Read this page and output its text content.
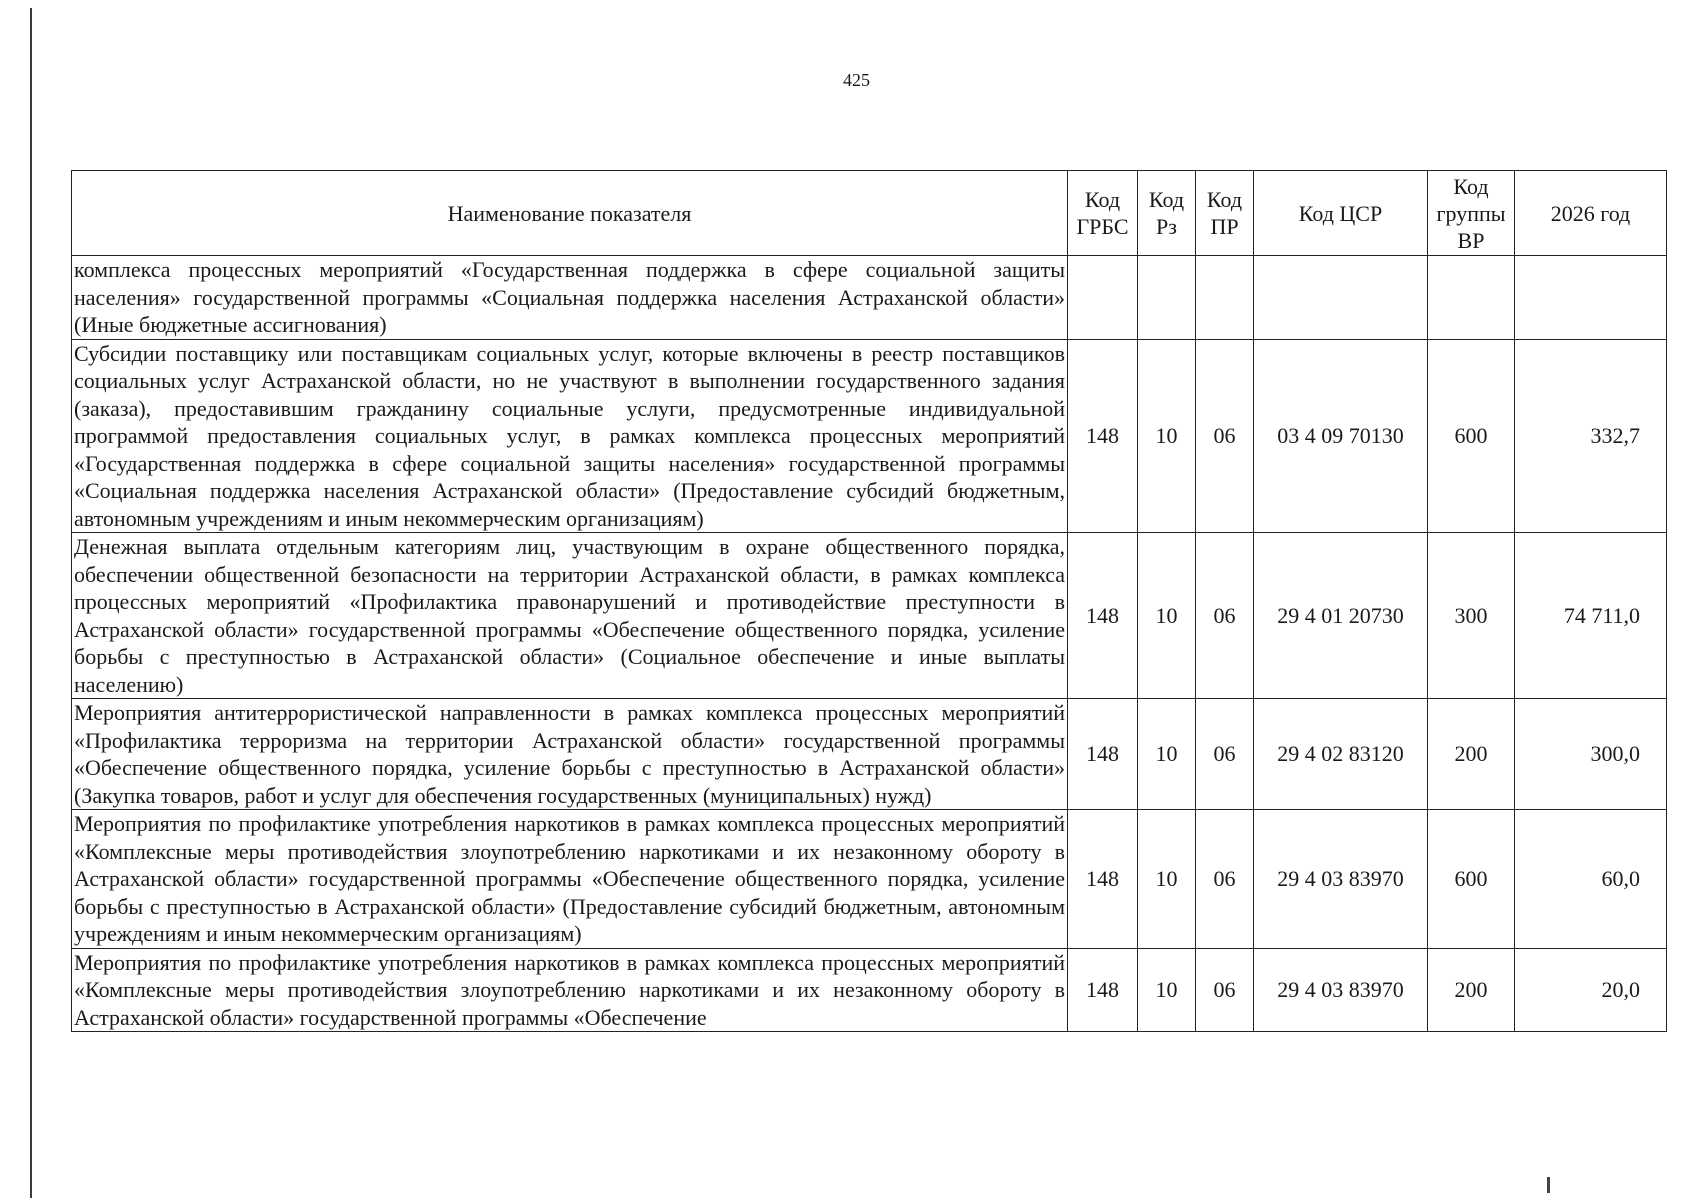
425
Наименование показателя	Код ГРБС	Код Рз	Код ПР	Код ЦСР	Код группы ВР	2026 год
комплекса процессных мероприятий «Государственная поддержка в сфере социальной защиты населения» государственной программы «Социальная поддержка населения Астраханской области» (Иные бюджетные ассигнования)						
Субсидии поставщику или поставщикам социальных услуг, которые включены в реестр поставщиков социальных услуг Астраханской области, но не участвуют в выполнении государственного задания (заказа), предоставившим гражданину социальные услуги, предусмотренные индивидуальной программой предоставления социальных услуг, в рамках комплекса процессных мероприятий «Государственная поддержка в сфере социальной защиты населения» государственной программы «Социальная поддержка населения Астраханской области» (Предоставление субсидий бюджетным, автономным учреждениям и иным некоммерческим организациям)	148	10	06	03 4 09 70130	600	332,7
Денежная выплата отдельным категориям лиц, участвующим в охране общественного порядка, обеспечении общественной безопасности на территории Астраханской области, в рамках комплекса процессных мероприятий «Профилактика правонарушений и противодействие преступности в Астраханской области» государственной программы «Обеспечение общественного порядка, усиление борьбы с преступностью в Астраханской области» (Социальное обеспечение и иные выплаты населению)	148	10	06	29 4 01 20730	300	74 711,0
Мероприятия антитеррористической направленности в рамках комплекса процессных мероприятий «Профилактика терроризма на территории Астраханской области» государственной программы «Обеспечение общественного порядка, усиление борьбы с преступностью в Астраханской области» (Закупка товаров, работ и услуг для обеспечения государственных (муниципальных) нужд)	148	10	06	29 4 02 83120	200	300,0
Мероприятия по профилактике употребления наркотиков в рамках комплекса процессных мероприятий «Комплексные меры противодействия злоупотреблению наркотиками и их незаконному обороту в Астраханской области» государственной программы «Обеспечение общественного порядка, усиление борьбы с преступностью в Астраханской области» (Предоставление субсидий бюджетным, автономным учреждениям и иным некоммерческим организациям)	148	10	06	29 4 03 83970	600	60,0
Мероприятия по профилактике употребления наркотиков в рамках комплекса процессных мероприятий «Комплексные меры противодействия злоупотреблению наркотиками и их незаконному обороту в Астраханской области» государственной программы «Обеспечение	148	10	06	29 4 03 83970	200	20,0
